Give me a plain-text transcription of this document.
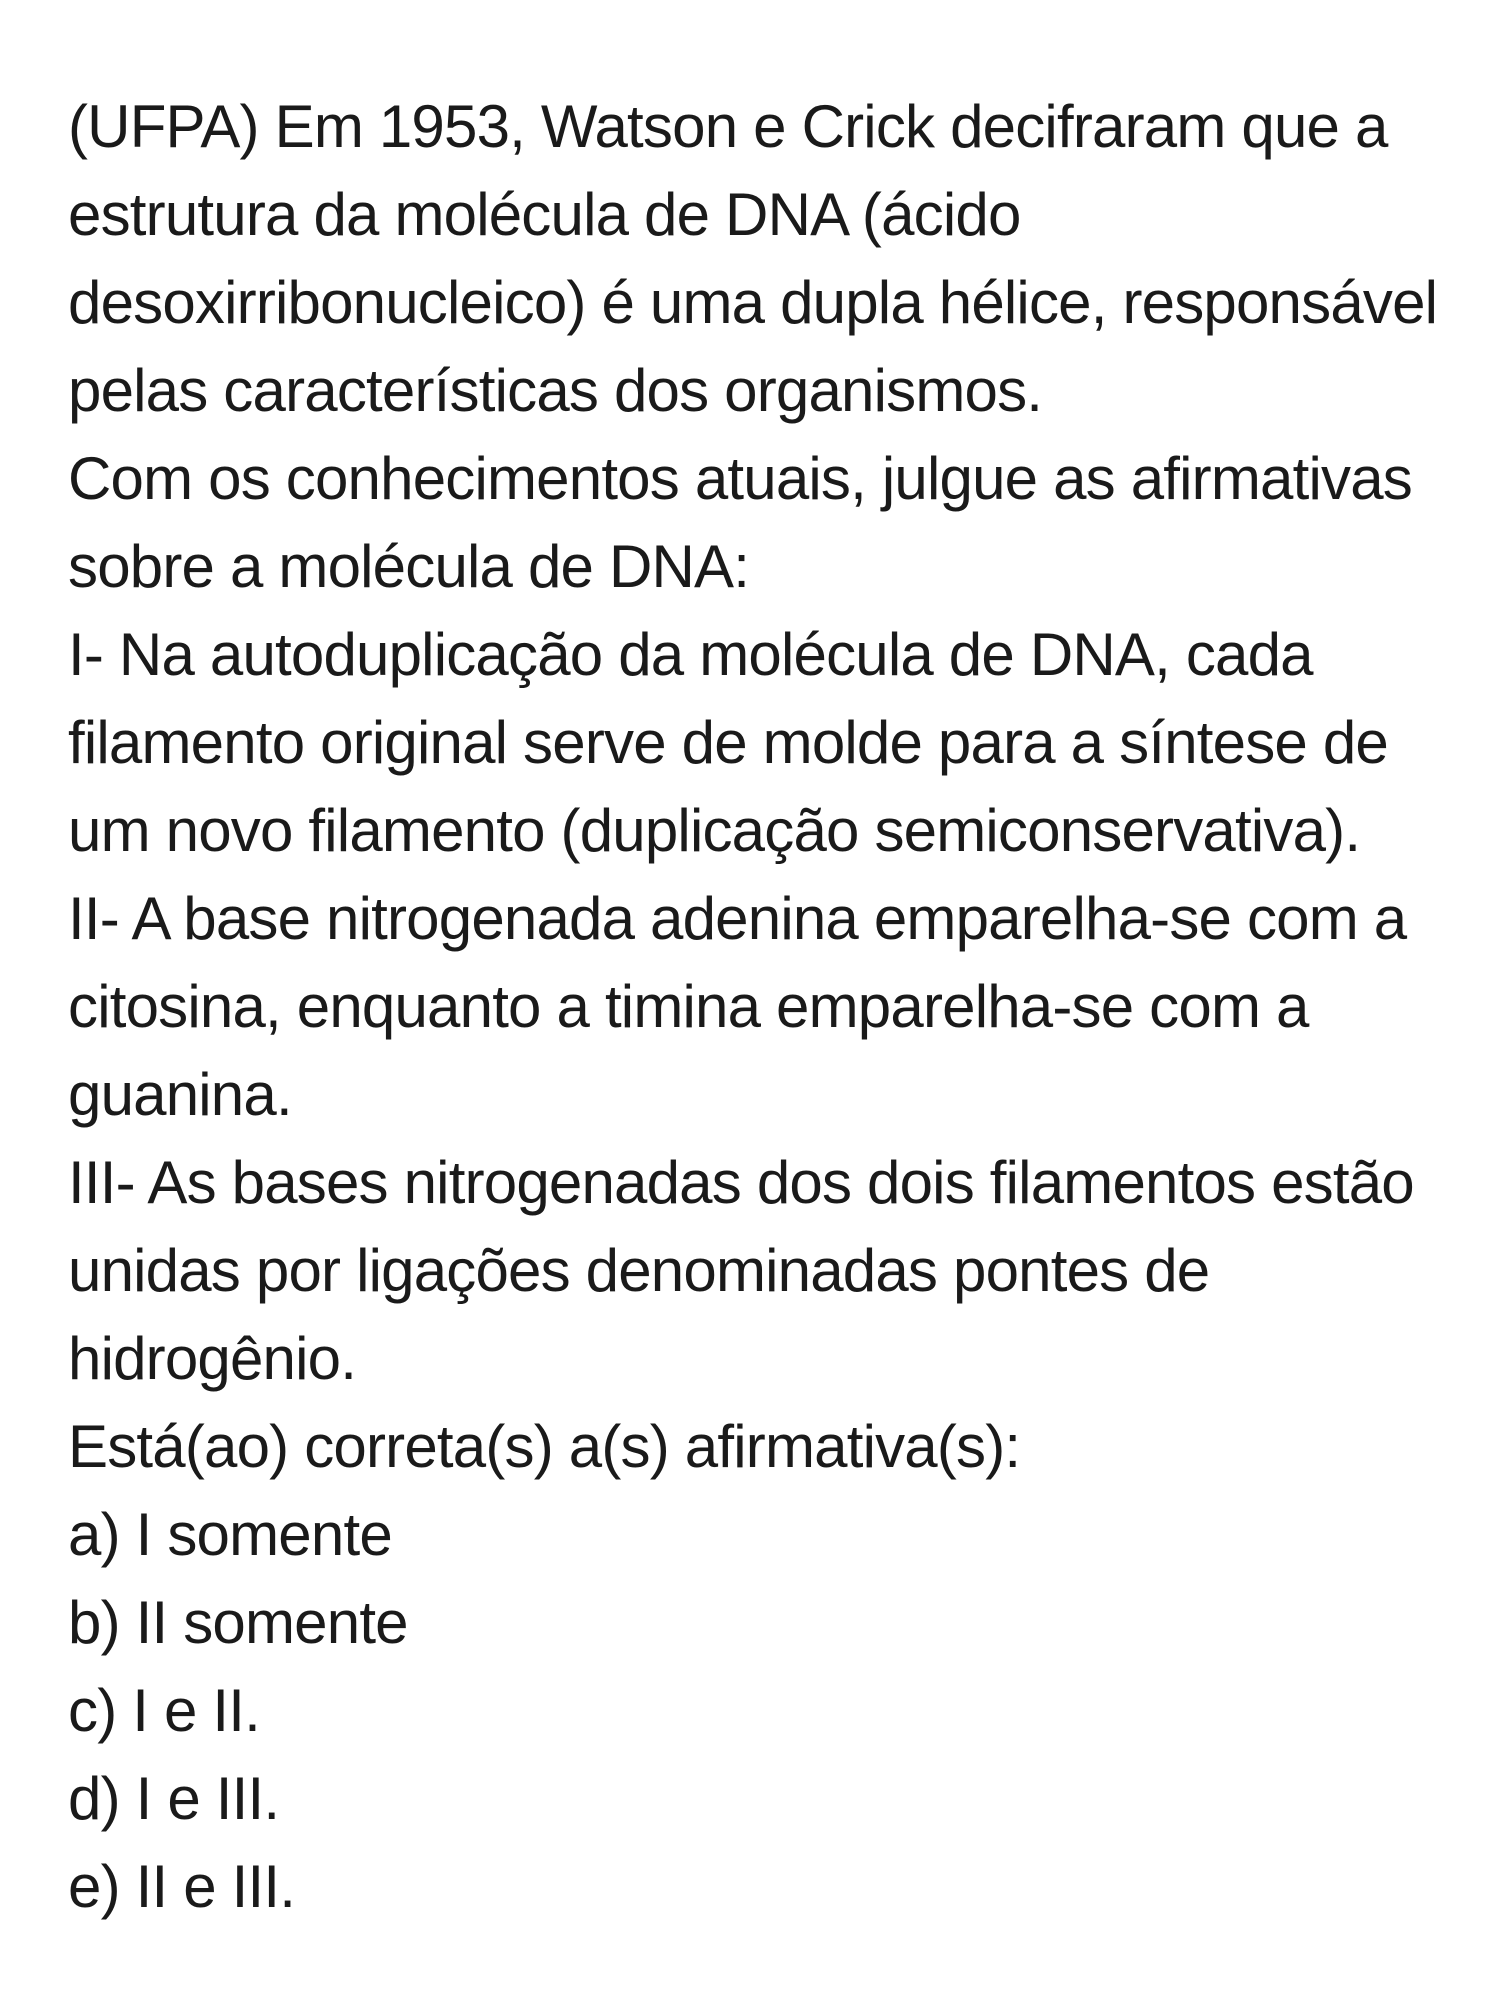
(UFPA) Em 1953, Watson e Crick decifraram que a
estrutura da molécula de DNA (ácido
desoxirribonucleico) é uma dupla hélice, responsável
pelas características dos organismos.
Com os conhecimentos atuais, julgue as afirmativas
sobre a molécula de DNA:
I- Na autoduplicação da molécula de DNA, cada
filamento original serve de molde para a síntese de
um novo filamento (duplicação semiconservativa).
II- A base nitrogenada adenina emparelha-se com a
citosina, enquanto a timina emparelha-se com a
guanina.
III- As bases nitrogenadas dos dois filamentos estão
unidas por ligações denominadas pontes de
hidrogênio.
Está(ao) correta(s) a(s) afirmativa(s):
a) I somente
b) II somente
c) I e II.
d) I e III.
e) II e III.
